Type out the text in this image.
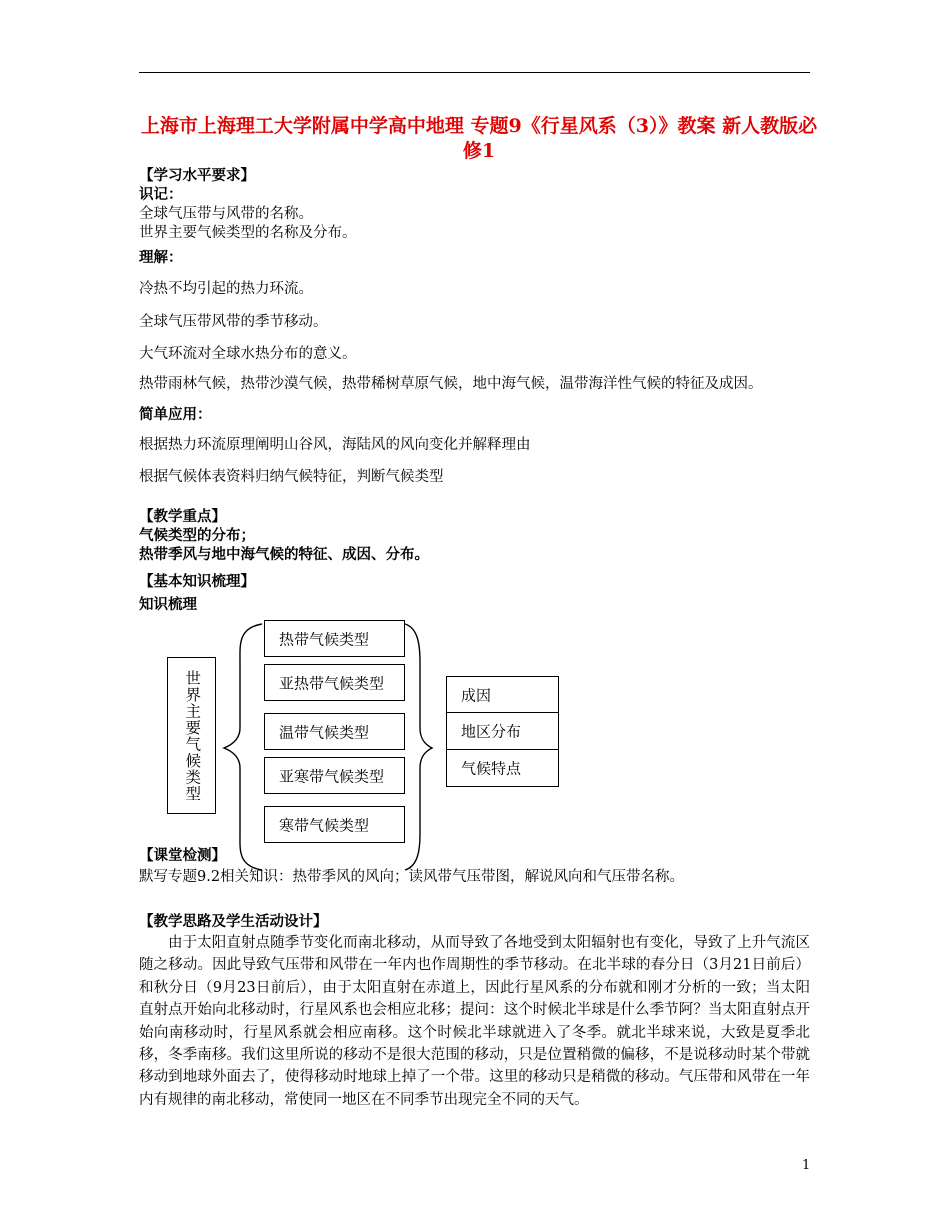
上海市上海理工大学附属中学高中地理 专题9《行星风系（3）》教案 新人教版必修1
【学习水平要求】
识记：
全球气压带与风带的名称。
世界主要气候类型的名称及分布。
理解：
冷热不均引起的热力环流。
全球气压带风带的季节移动。
大气环流对全球水热分布的意义。
热带雨林气候，热带沙漠气候，热带稀树草原气候，地中海气候，温带海洋性气候的特征及成因。
简单应用：
根据热力环流原理阐明山谷风，海陆风的风向变化并解释理由
根据气候体表资料归纳气候特征，判断气候类型
【教学重点】
气候类型的分布；
热带季风与地中海气候的特征、成因、分布。
【基本知识梳理】
知识梳理
世界主要气候类型
热带气候类型
亚热带气候类型
温带气候类型
亚寒带气候类型
寒带气候类型
成因
地区分布
气候特点
【课堂检测】
默写专题9.2相关知识：热带季风的风向；读风带气压带图，解说风向和气压带名称。
【教学思路及学生活动设计】
由于太阳直射点随季节变化而南北移动，从而导致了各地受到太阳辐射也有变化，导致了上升气流区随之移动。因此导致气压带和风带在一年内也作周期性的季节移动。在北半球的春分日（3月21日前后）和秋分日（9月23日前后），由于太阳直射在赤道上，因此行星风系的分布就和刚才分析的一致；当太阳直射点开始向北移动时，行星风系也会相应北移；提问：这个时候北半球是什么季节阿？当太阳直射点开始向南移动时，行星风系就会相应南移。这个时候北半球就进入了冬季。就北半球来说，大致是夏季北移，冬季南移。我们这里所说的移动不是很大范围的移动，只是位置稍微的偏移，不是说移动时某个带就移动到地球外面去了，使得移动时地球上掉了一个带。这里的移动只是稍微的移动。气压带和风带在一年内有规律的南北移动，常使同一地区在不同季节出现完全不同的天气。
1
